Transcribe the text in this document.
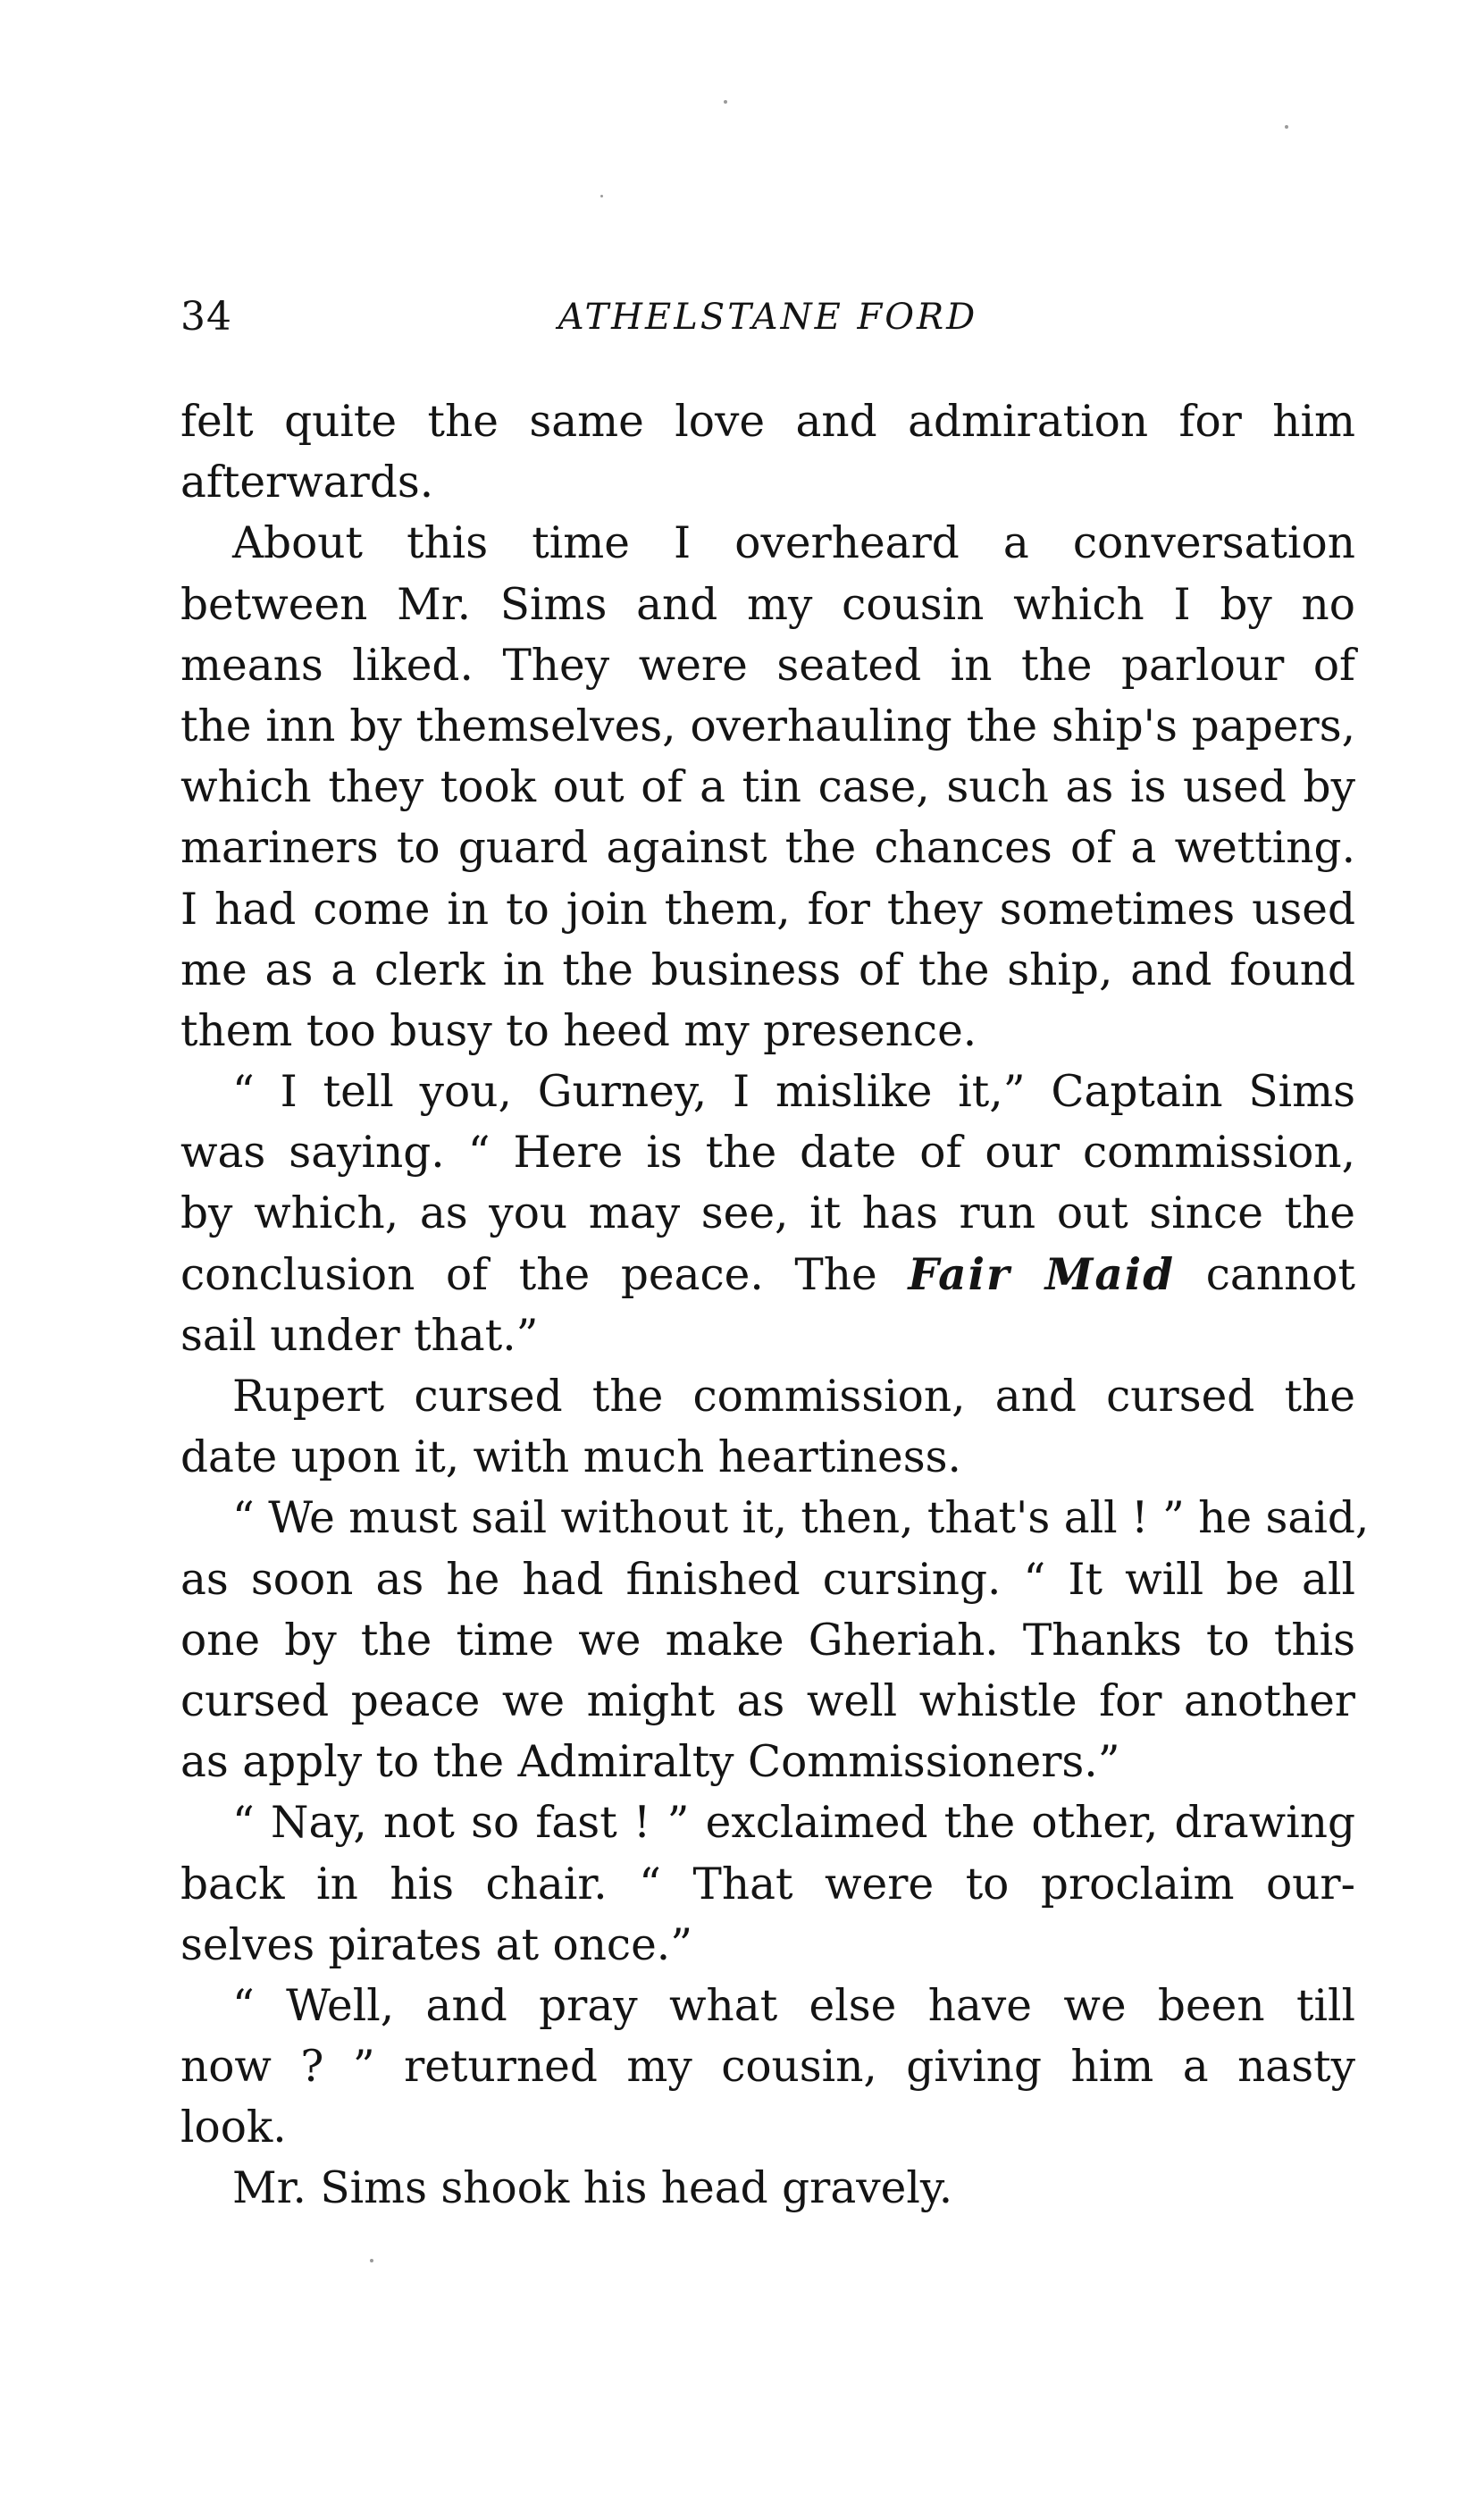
34	ATHELSTANE FORD
felt quite the same love and admiration for him
afterwards.
About this time I overheard a conversation
between Mr. Sims and my cousin which I by no
means liked. They were seated in the parlour of
the inn by themselves, overhauling the ship's papers,
which they took out of a tin case, such as is used by
mariners to guard against the chances of a wetting.
I had come in to join them, for they sometimes used
me as a clerk in the business of the ship, and found
them too busy to heed my presence.
“ I tell you, Gurney, I mislike it,” Captain Sims
was saying. “ Here is the date of our commission,
by which, as you may see, it has run out since the
conclusion of the peace. The Fair Maid cannot
sail under that.”
Rupert cursed the commission, and cursed the
date upon it, with much heartiness.
“ We must sail without it, then, that's all ! ” he said,
as soon as he had finished cursing. “ It will be all
one by the time we make Gheriah. Thanks to this
cursed peace we might as well whistle for another
as apply to the Admiralty Commissioners.”
“ Nay, not so fast ! ” exclaimed the other, drawing
back in his chair. “ That were to proclaim our-
selves pirates at once.”
“ Well, and pray what else have we been till
now ? ” returned my cousin, giving him a nasty
look.
Mr. Sims shook his head gravely.
